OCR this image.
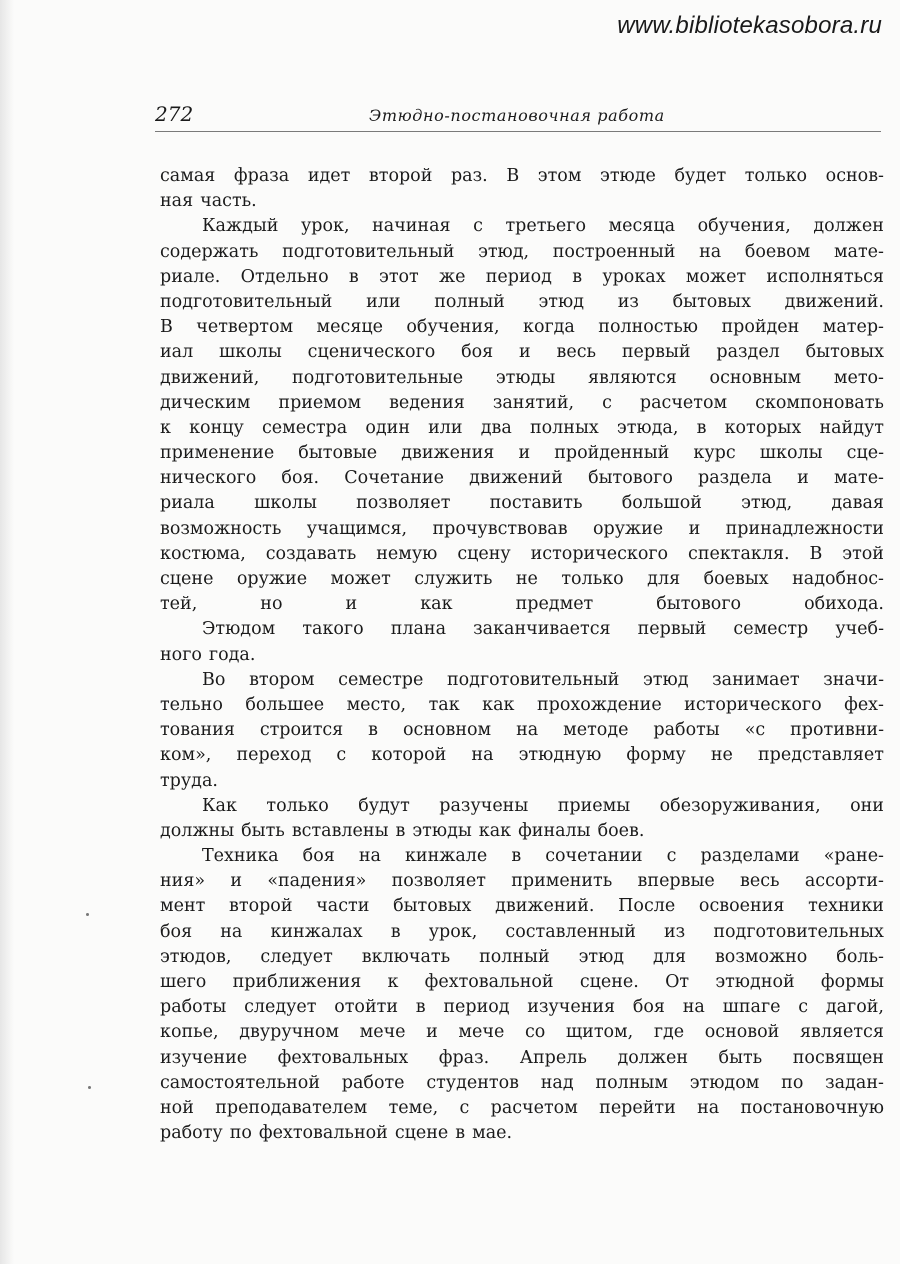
www.bibliotekasobora.ru
272	Этюдно-постановочная работа
самая фраза идет второй раз. В этом этюде будет только основ-
ная часть.
Каждый урок, начиная с третьего месяца обучения, должен
содержать подготовительный этюд, построенный на боевом мате-
риале. Отдельно в этот же период в уроках может исполняться
подготовительный или полный этюд из бытовых движений.
В четвертом месяце обучения, когда полностью пройден матер-
иал школы сценического боя и весь первый раздел бытовых
движений, подготовительные этюды являются основным мето-
дическим приемом ведения занятий, с расчетом скомпоновать
к концу семестра один или два полных этюда, в которых найдут
применение бытовые движения и пройденный курс школы сце-
нического боя. Сочетание движений бытового раздела и мате-
риала школы позволяет поставить большой этюд, давая
возможность учащимся, прочувствовав оружие и принадлежности
костюма, создавать немую сцену исторического спектакля. В этой
сцене оружие может служить не только для боевых надобнос-
тей,	но	и	как	предмет	бытового	обихода.
Этюдом такого плана заканчивается первый семестр учеб-
ного года.
Во втором семестре подготовительный этюд занимает значи-
тельно большее место, так как прохождение исторического фех-
тования строится в основном на методе работы «с противни-
ком», переход с которой на этюдную форму не представляет
труда.
Как только будут разучены приемы обезоруживания, они
должны быть вставлены в этюды как финалы боев.
Техника боя на кинжале в сочетании с разделами «ране-
ния» и «падения» позволяет применить впервые весь ассорти-
мент второй части бытовых движений. После освоения техники
боя на кинжалах в урок, составленный из подготовительных
этюдов, следует включать полный этюд для возможно боль-
шего приближения к фехтовальной сцене. От этюдной формы
работы следует отойти в период изучения боя на шпаге с дагой,
копье, двуручном мече и мече со щитом, где основой является
изучение фехтовальных фраз. Апрель должен быть посвящен
самостоятельной работе студентов над полным этюдом по задан-
ной преподавателем теме, с расчетом перейти на постановочную
работу по фехтовальной сцене в мае.
